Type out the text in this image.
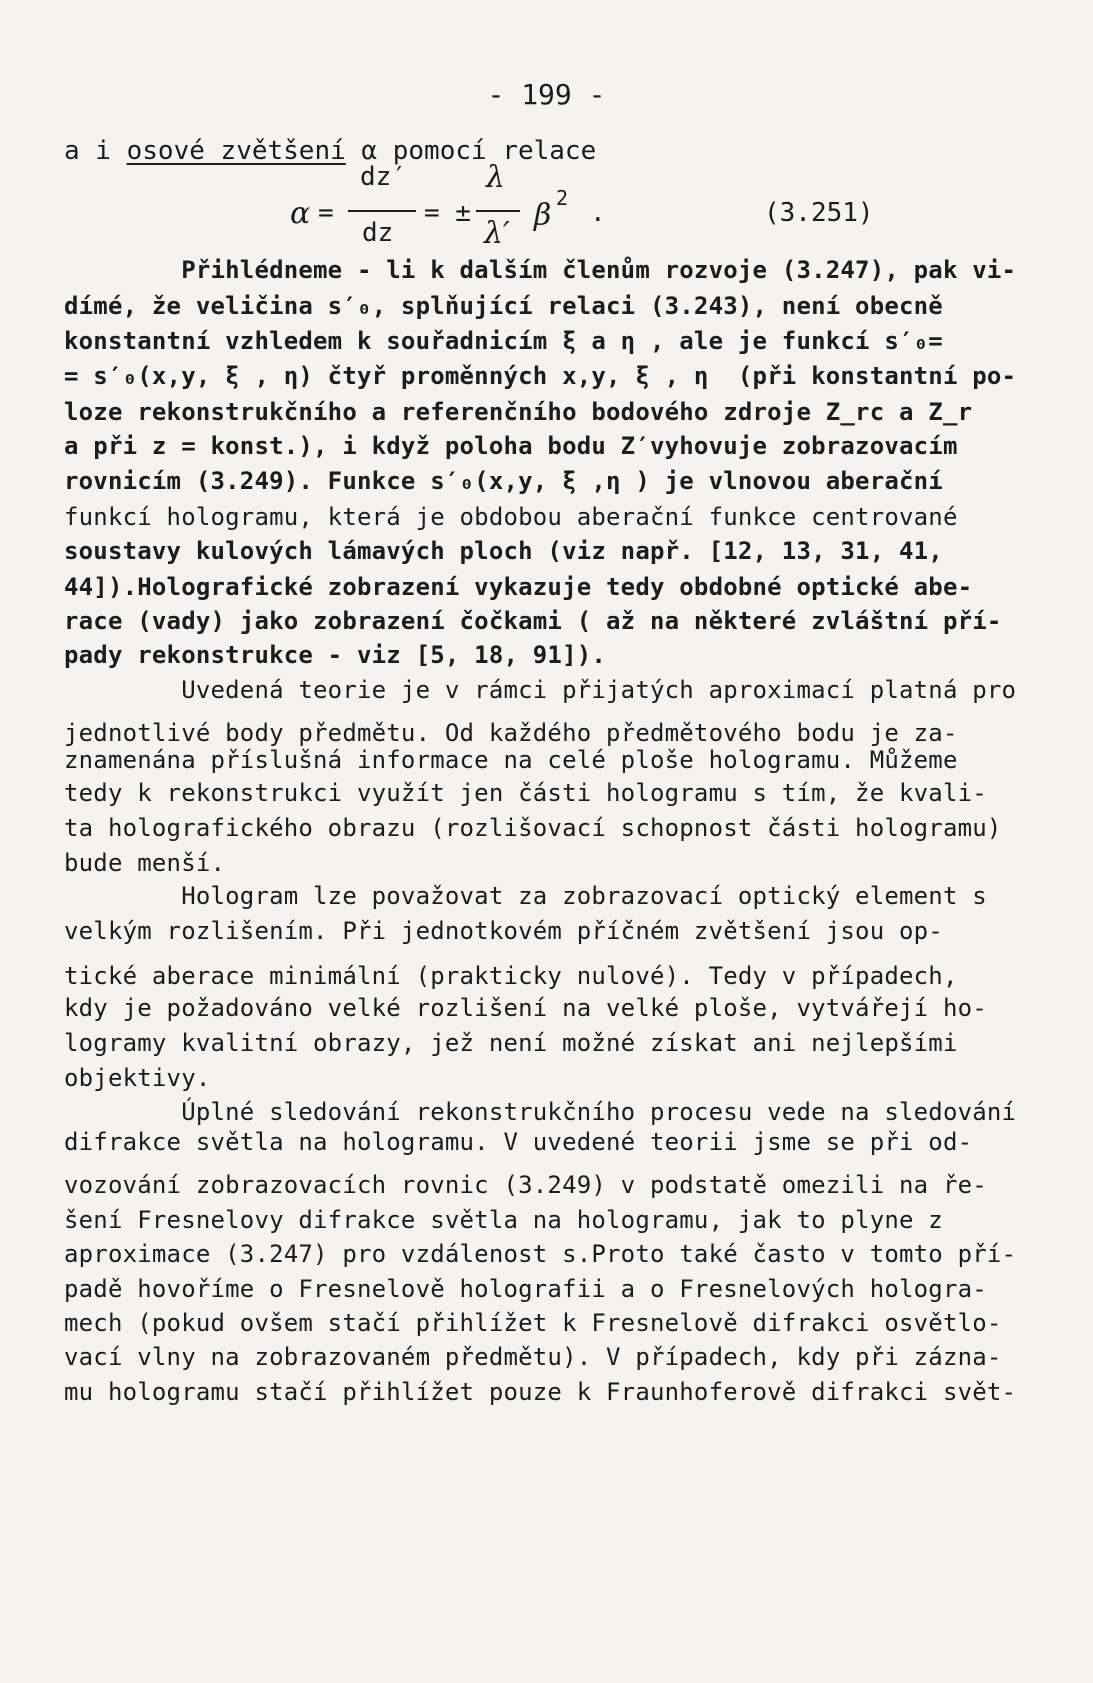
- 199 -
a i osové zvětšení α pomocí relace
α =
dz′
dz
= ±
λ
λ′
β 2 .	(3.251)
Přihlédneme - li k dalším členům rozvoje (3.247), pak vi-
dímé, že veličina s′₀, splňující relaci (3.243), není obecně
konstantní vzhledem k souřadnicím ξ a η , ale je funkcí s′₀=
= s′₀(x,y, ξ , η) čtyř proměnných x,y, ξ , η  (při konstantní po-
loze rekonstrukčního a referenčního bodového zdroje Z_rc a Z_r
a při z = konst.), i když poloha bodu Z′vyhovuje zobrazovacím
rovnicím (3.249). Funkce s′₀(x,y, ξ ,η ) je vlnovou aberační
funkcí hologramu, která je obdobou aberační funkce centrované
soustavy kulových lámavých ploch (viz např. [12, 13, 31, 41,
44]).Holografické zobrazení vykazuje tedy obdobné optické abe-
race (vady) jako zobrazení čočkami ( až na některé zvláštní pří-
pady rekonstrukce - viz [5, 18, 91]).
Uvedená teorie je v rámci přijatých aproximací platná pro
jednotlivé body předmětu. Od každého předmětového bodu je za-
znamenána příslušná informace na celé ploše hologramu. Můžeme
tedy k rekonstrukci využít jen části hologramu s tím, že kvali-
ta holografického obrazu (rozlišovací schopnost části hologramu)
bude menší.
Hologram lze považovat za zobrazovací optický element s
velkým rozlišením. Při jednotkovém příčném zvětšení jsou op-
tické aberace minimální (prakticky nulové). Tedy v případech,
kdy je požadováno velké rozlišení na velké ploše, vytvářejí ho-
logramy kvalitní obrazy, jež není možné získat ani nejlepšími
objektivy.
Úplné sledování rekonstrukčního procesu vede na sledování
difrakce světla na hologramu. V uvedené teorii jsme se při od-
vozování zobrazovacích rovnic (3.249) v podstatě omezili na ře-
šení Fresnelovy difrakce světla na hologramu, jak to plyne z
aproximace (3.247) pro vzdálenost s.Proto také často v tomto pří-
padě hovoříme o Fresnelově holografii a o Fresnelových hologra-
mech (pokud ovšem stačí přihlížet k Fresnelově difrakci osvětlo-
vací vlny na zobrazovaném předmětu). V případech, kdy při zázna-
mu hologramu stačí přihlížet pouze k Fraunhoferově difrakci svět-
